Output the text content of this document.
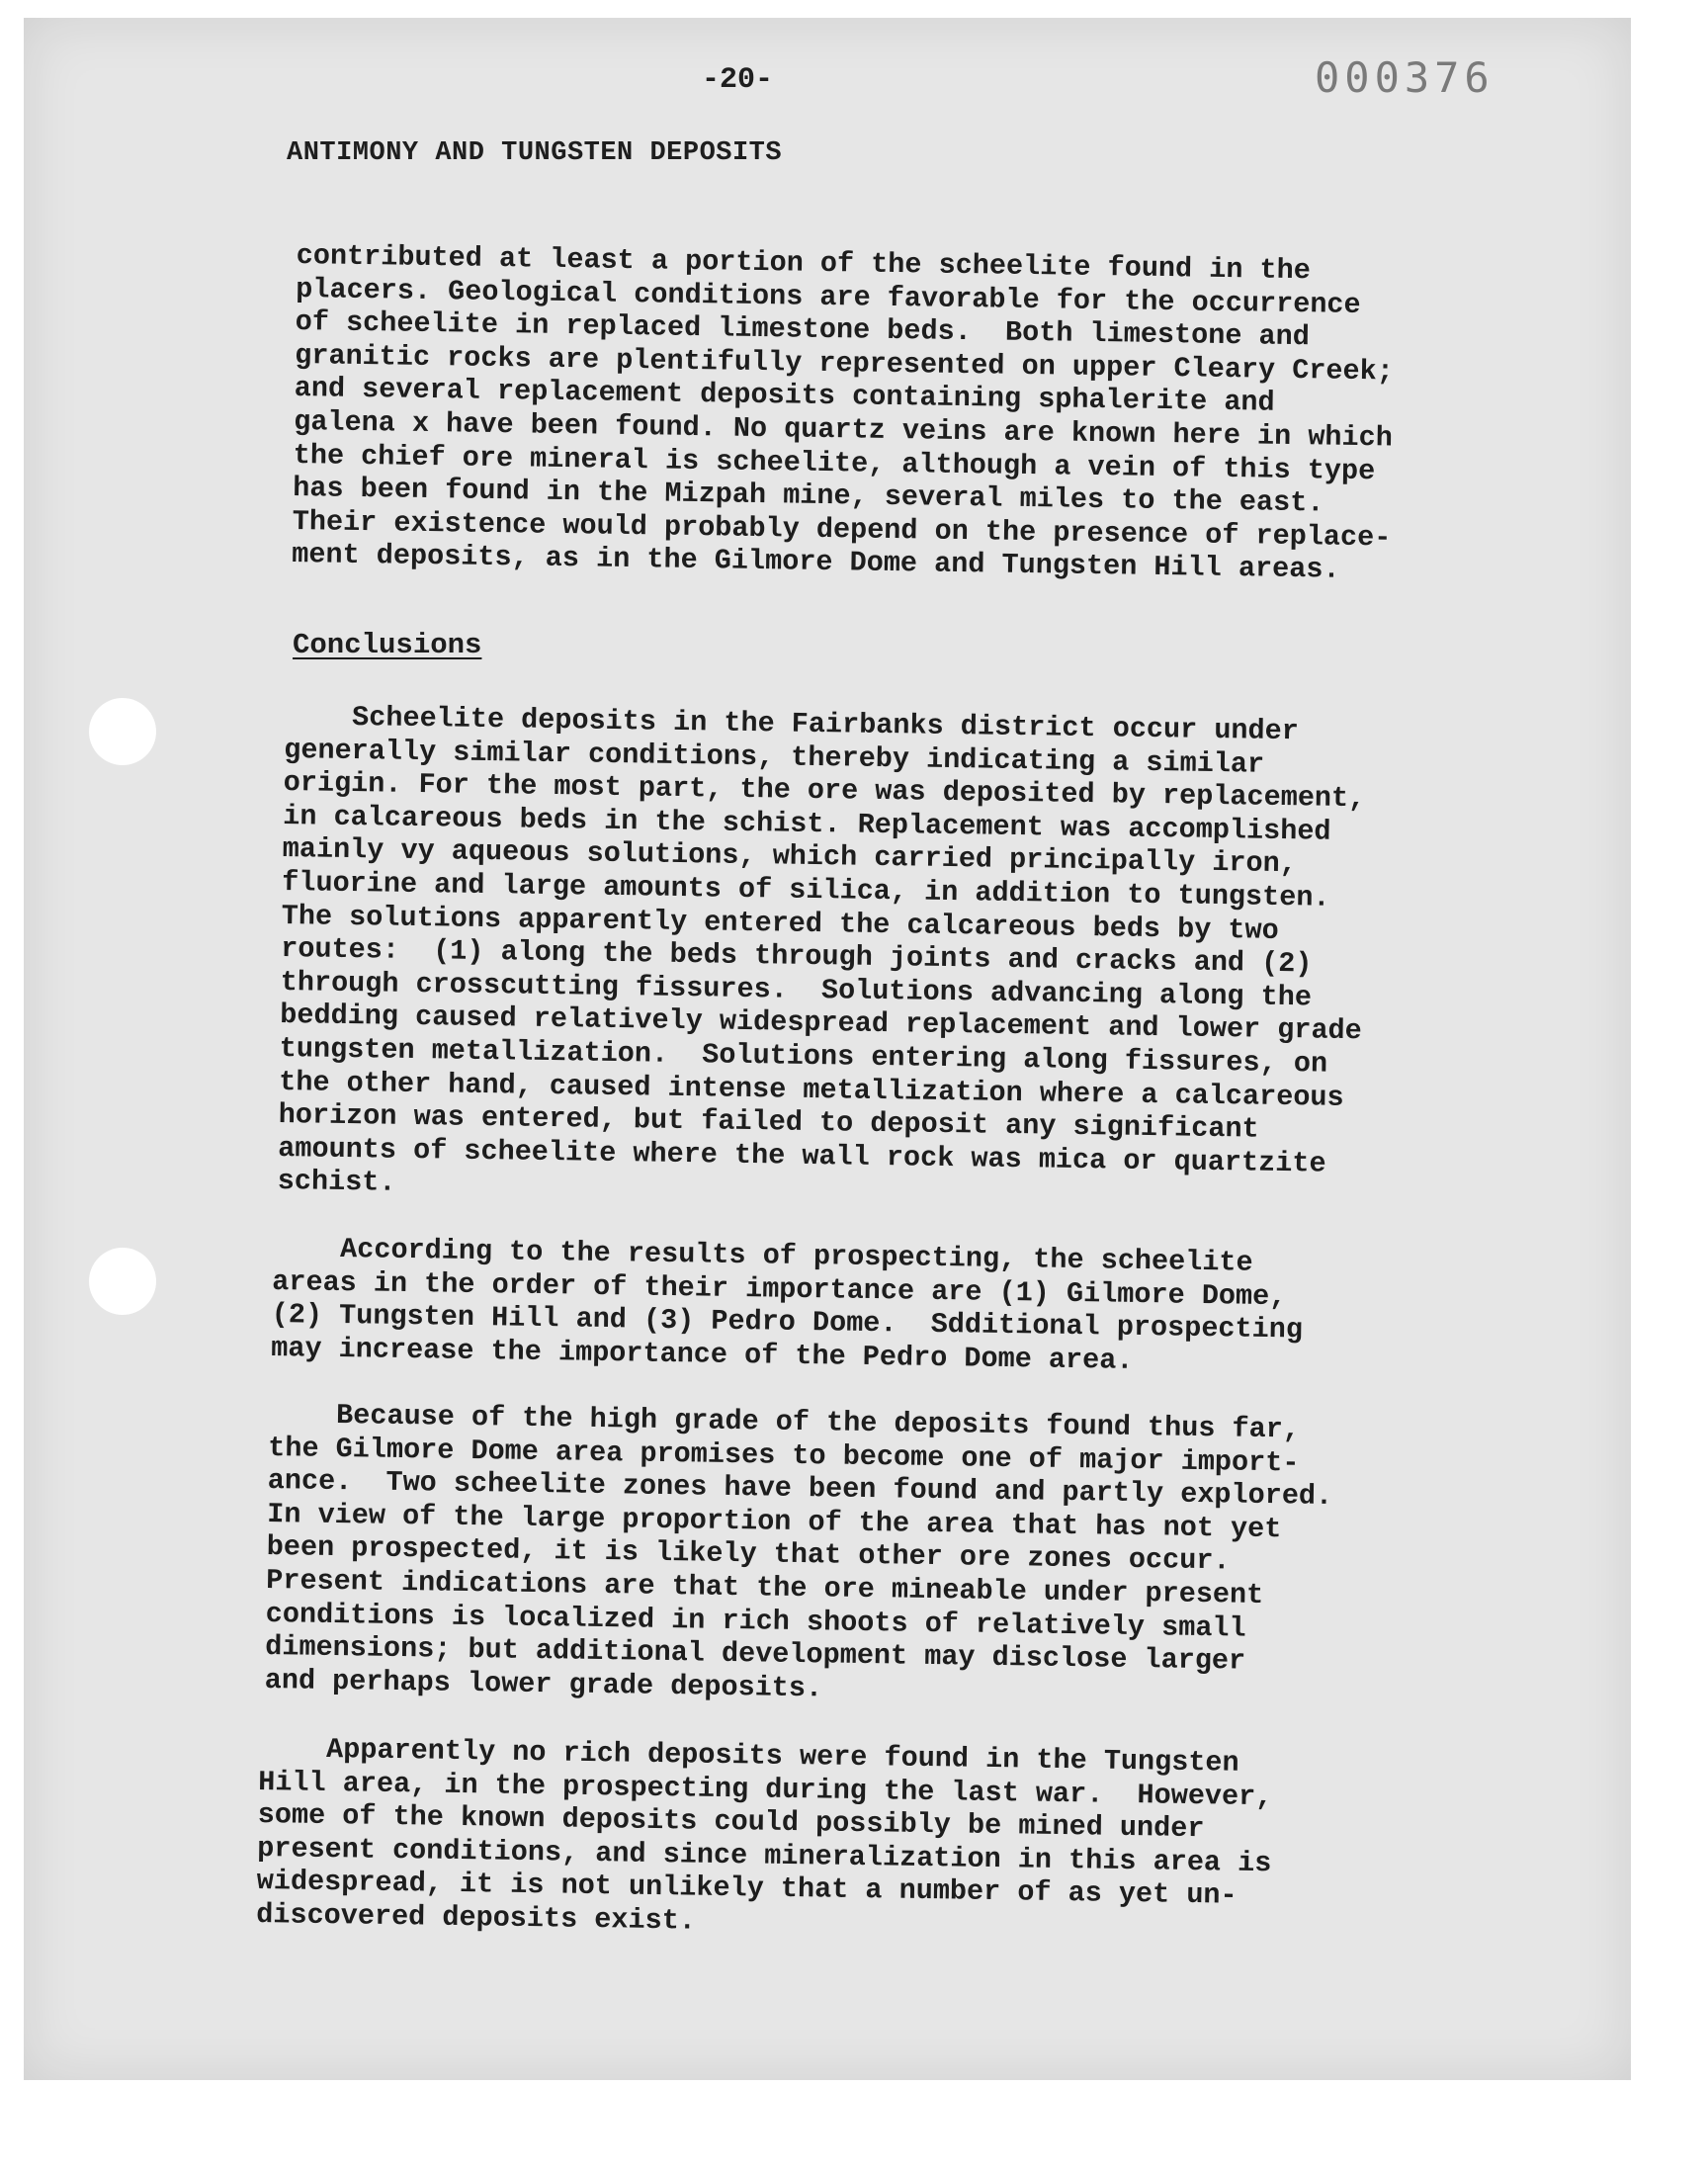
-20-	000376
ANTIMONY AND TUNGSTEN DEPOSITS

contributed at least a portion of the scheelite found in the
placers. Geological conditions are favorable for the occurrence
of scheelite in replaced limestone beds.  Both limestone and
granitic rocks are plentifully represented on upper Cleary Creek;
and several replacement deposits containing sphalerite and
galena x have been found. No quartz veins are known here in which
the chief ore mineral is scheelite, although a vein of this type
has been found in the Mizpah mine, several miles to the east.
Their existence would probably depend on the presence of replace-
ment deposits, as in the Gilmore Dome and Tungsten Hill areas.

Conclusions

Scheelite deposits in the Fairbanks district occur under
generally similar conditions, thereby indicating a similar
origin. For the most part, the ore was deposited by replacement,
in calcareous beds in the schist. Replacement was accomplished
mainly vy aqueous solutions, which carried principally iron,
fluorine and large amounts of silica, in addition to tungsten.
The solutions apparently entered the calcareous beds by two
routes:  (1) along the beds through joints and cracks and (2)
through crosscutting fissures.  Solutions advancing along the
bedding caused relatively widespread replacement and lower grade
tungsten metallization.  Solutions entering along fissures, on
the other hand, caused intense metallization where a calcareous
horizon was entered, but failed to deposit any significant
amounts of scheelite where the wall rock was mica or quartzite
schist.

According to the results of prospecting, the scheelite
areas in the order of their importance are (1) Gilmore Dome,
(2) Tungsten Hill and (3) Pedro Dome.  Sdditional prospecting
may increase the importance of the Pedro Dome area.

Because of the high grade of the deposits found thus far,
the Gilmore Dome area promises to become one of major import-
ance.  Two scheelite zones have been found and partly explored.
In view of the large proportion of the area that has not yet
been prospected, it is likely that other ore zones occur.
Present indications are that the ore mineable under present
conditions is localized in rich shoots of relatively small
dimensions; but additional development may disclose larger
and perhaps lower grade deposits.

Apparently no rich deposits were found in the Tungsten
Hill area, in the prospecting during the last war.  However,
some of the known deposits could possibly be mined under
present conditions, and since mineralization in this area is
widespread, it is not unlikely that a number of as yet un-
discovered deposits exist.
